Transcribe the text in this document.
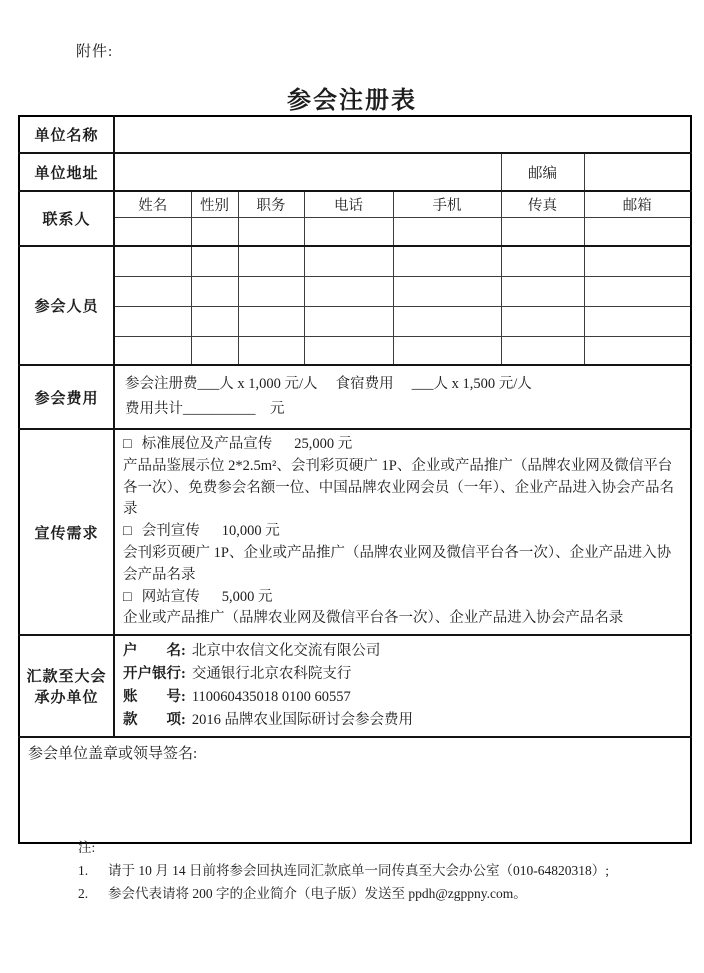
附件:
参会注册表
单位名称							
单位地址						邮编	
联系人	姓名	性别	职务	电话	手机	传真	邮箱

参会人员							

参会费用	参会注册费___人 x 1,000 元/人　 食宿费用　 ___人 x 1,500 元/人
费用共计__________　元						

宣传需求	
□ 标准展位及产品宣传 25,000 元
产品品鉴展示位 2*2.5m²、会刊彩页硬广 1P、企业或产品推广（品牌农业网及微信平台各一次）、免费参会名额一位、中国品牌农业网会员（一年）、企业产品进入协会产品名录
□ 会刊宣传 10,000 元
会刊彩页硬广 1P、企业或产品推广（品牌农业网及微信平台各一次）、企业产品进入协会产品名录
□ 网站宣传 5,000 元
企业或产品推广（品牌农业网及微信平台各一次）、企业产品进入协会产品名录

汇款至大会
承办单位

户　　名: 北京中农信文化交流有限公司
开户银行: 交通银行北京农科院支行
账　　号: 110060435018 0100 60557
款　　项: 2016 品牌农业国际研讨会参会费用

参会单位盖章或领导签名:							
注:
1.	请于 10 月 14 日前将参会回执连同汇款底单一同传真至大会办公室（010-64820318）;
2.	参会代表请将 200 字的企业简介（电子版）发送至 ppdh@zgppny.com。
